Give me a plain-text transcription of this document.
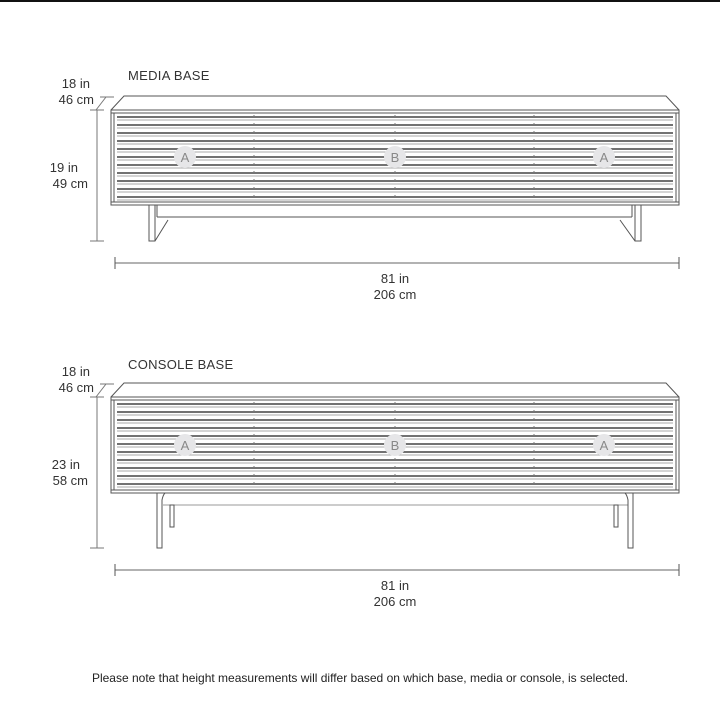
A	B	A
A	B	A
MEDIA BASE
18 in
46 cm
19 in
49 cm
81 in
206 cm
CONSOLE BASE
18 in
46 cm
23 in
58 cm
81 in
206 cm
Please note that height measurements will differ based on which base, media or console, is selected.
